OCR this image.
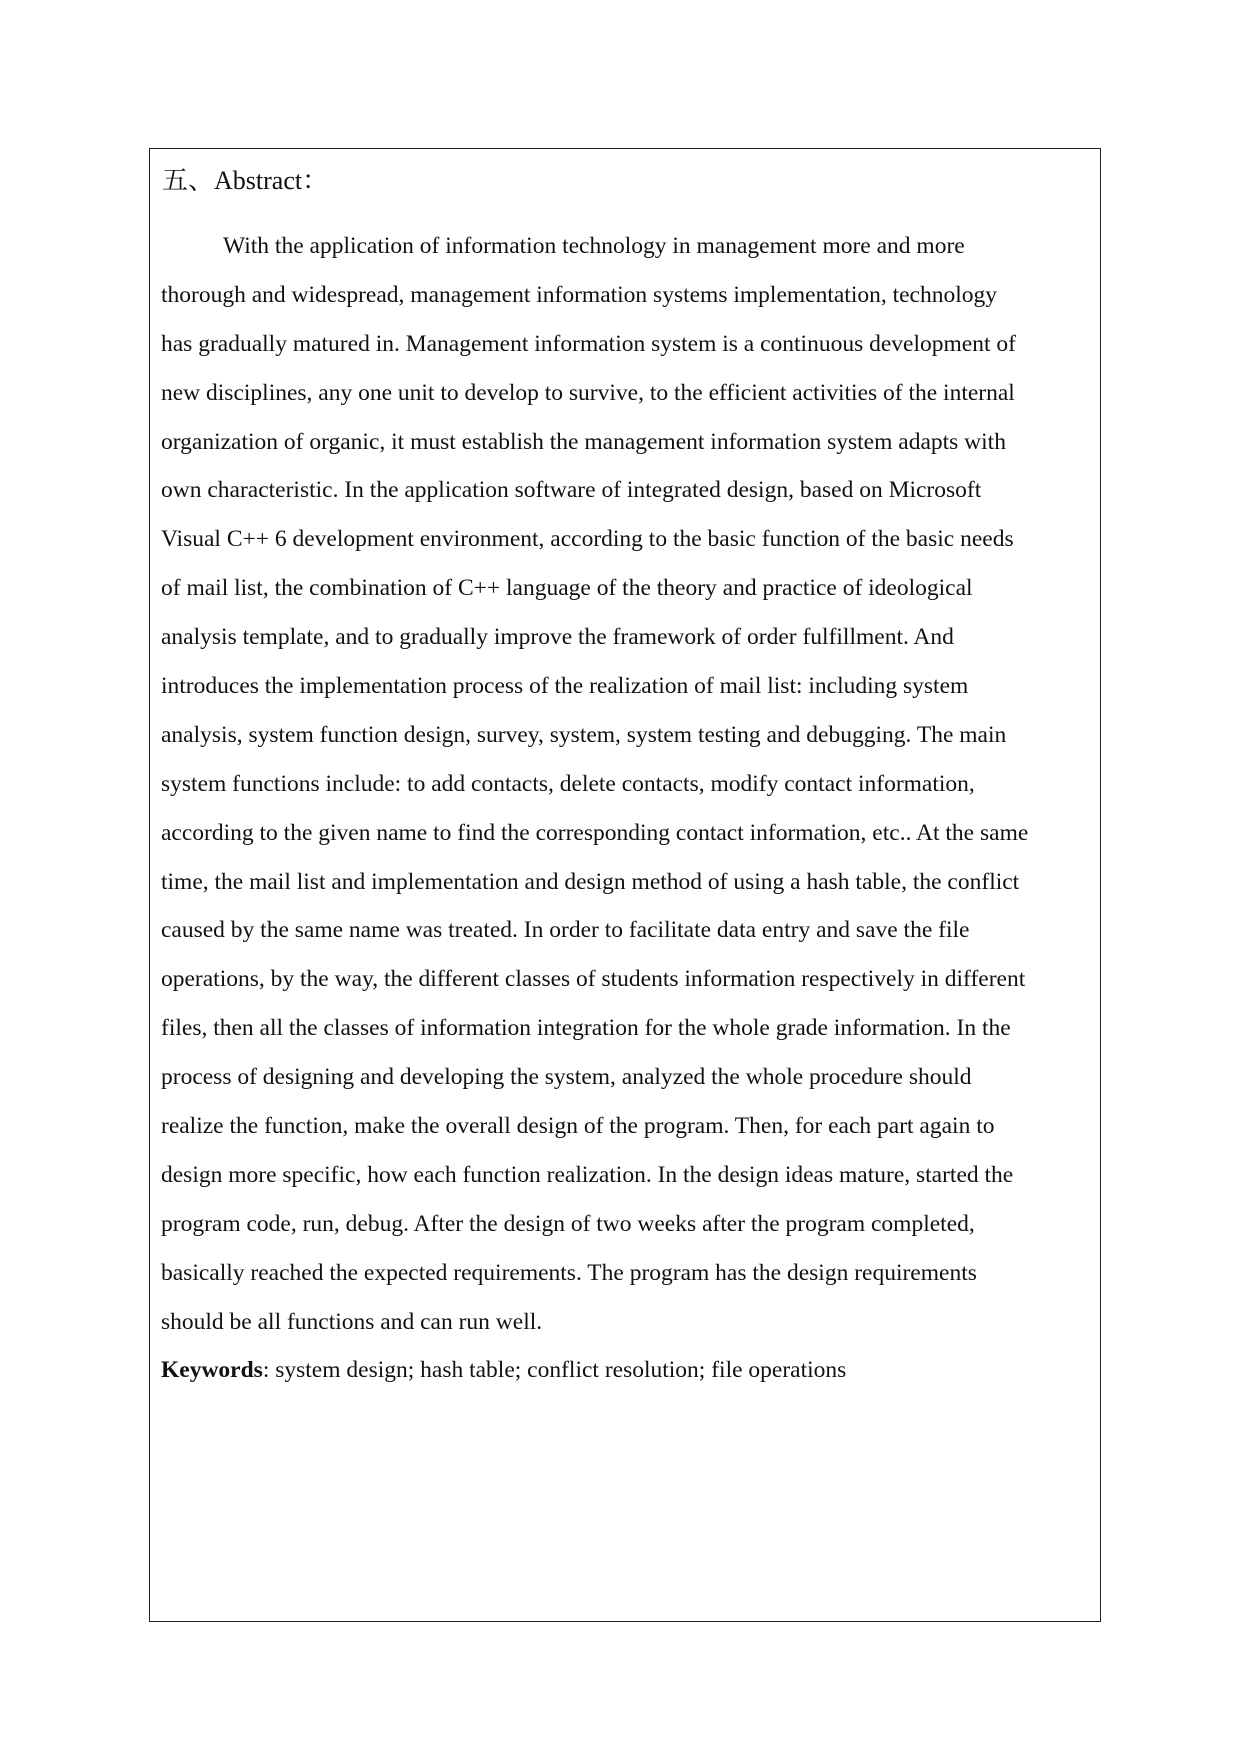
五、Abstract：
With the application of information technology in management more and more
thorough and widespread, management information systems implementation, technology
has gradually matured in. Management information system is a continuous development of
new disciplines, any one unit to develop to survive, to the efficient activities of the internal
organization of organic, it must establish the management information system adapts with
own characteristic. In the application software of integrated design, based on Microsoft
Visual C++ 6 development environment, according to the basic function of the basic needs
of mail list, the combination of C++ language of the theory and practice of ideological
analysis template, and to gradually improve the framework of order fulfillment. And
introduces the implementation process of the realization of mail list: including system
analysis, system function design, survey, system, system testing and debugging. The main
system functions include: to add contacts, delete contacts, modify contact information,
according to the given name to find the corresponding contact information, etc.. At the same
time, the mail list and implementation and design method of using a hash table, the conflict
caused by the same name was treated. In order to facilitate data entry and save the file
operations, by the way, the different classes of students information respectively in different
files, then all the classes of information integration for the whole grade information. In the
process of designing and developing the system, analyzed the whole procedure should
realize the function, make the overall design of the program. Then, for each part again to
design more specific, how each function realization. In the design ideas mature, started the
program code, run, debug. After the design of two weeks after the program completed,
basically reached the expected requirements. The program has the design requirements
should be all functions and can run well.
Keywords: system design; hash table; conflict resolution; file operations
